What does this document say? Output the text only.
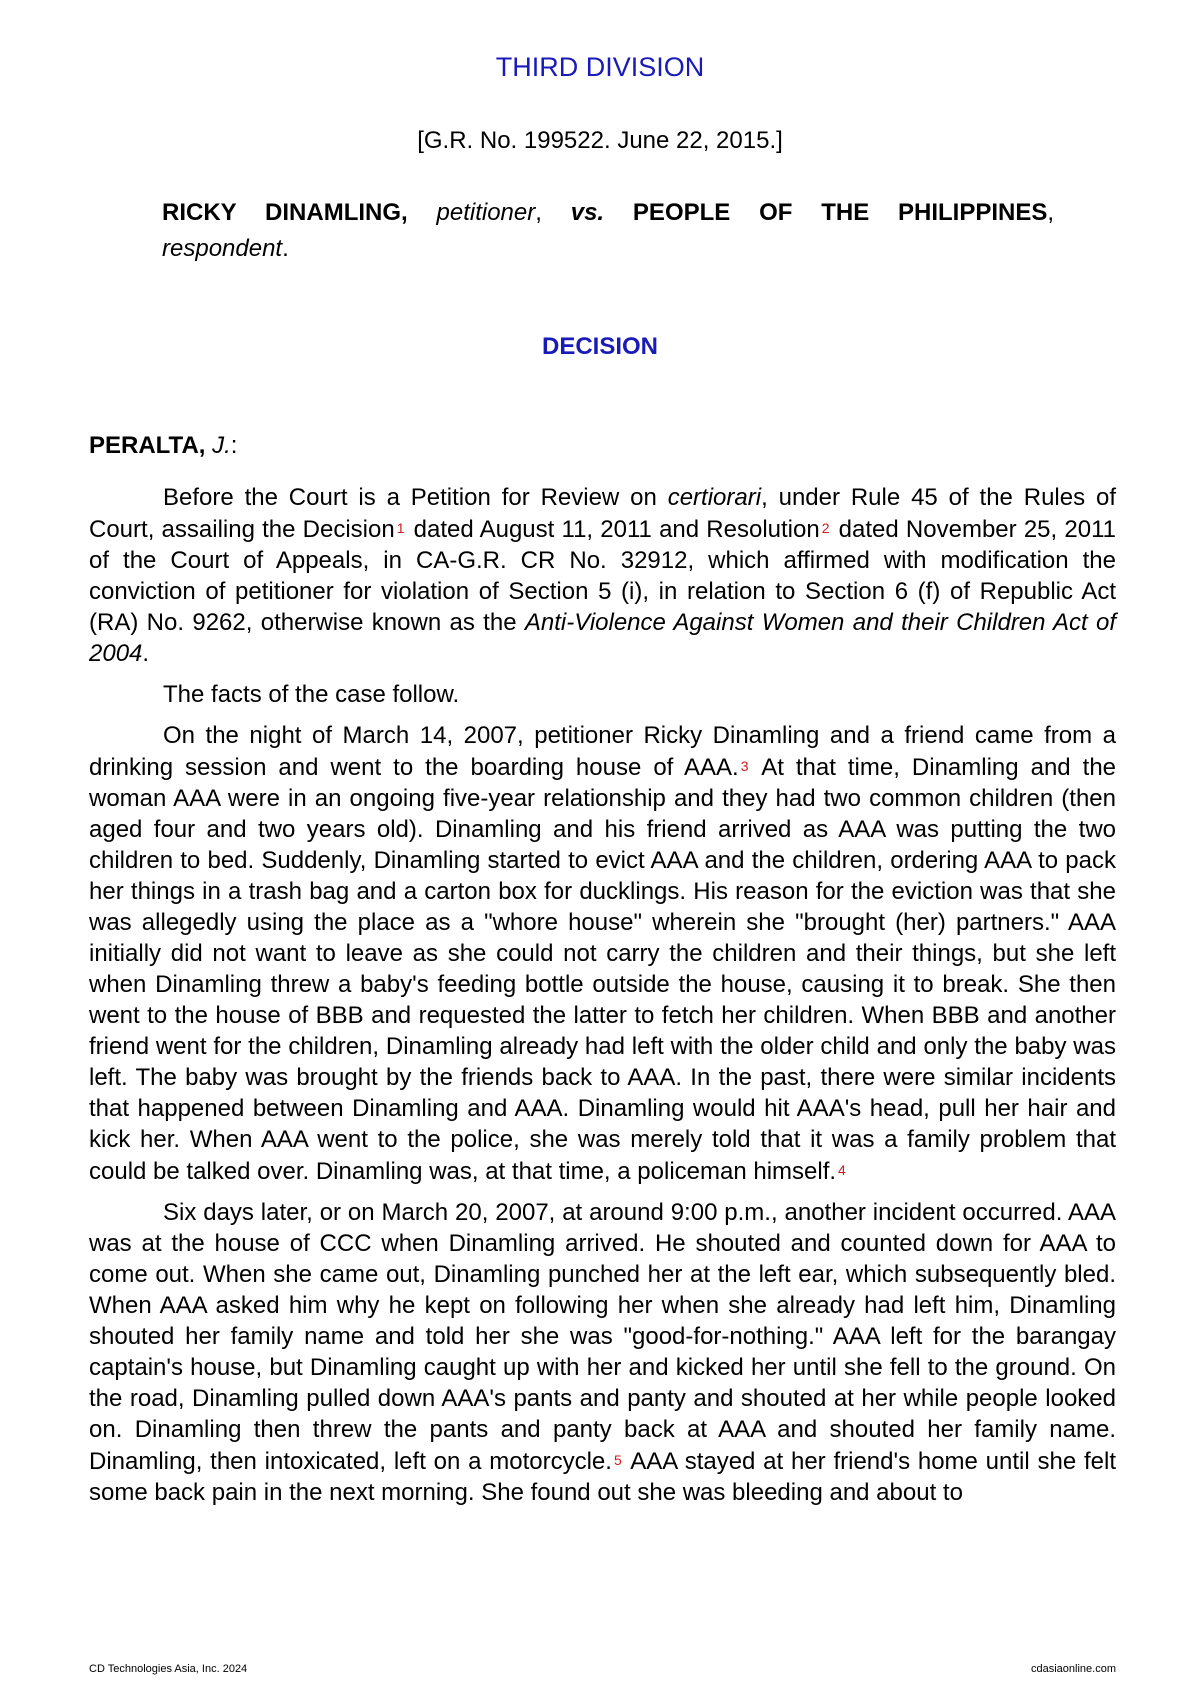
THIRD DIVISION
[G.R. No. 199522. June 22, 2015.]
RICKY DINAMLING, petitioner, vs. PEOPLE OF THE PHILIPPINES,
respondent.
DECISION
PERALTA, J.:

Before the Court is a Petition for Review on certiorari, under Rule 45 of the Rules of Court, assailing the Decision $^1$ dated August 11, 2011 and Resolution $^2$ dated November 25, 2011 of the Court of Appeals, in CA-G.R. CR No. 32912, which affirmed with modification the conviction of petitioner for violation of Section 5 (i), in relation to Section 6 (f) of Republic Act (RA) No. 9262, otherwise known as the Anti-Violence Against Women and their Children Act of 2004.

The facts of the case follow.

On the night of March 14, 2007, petitioner Ricky Dinamling and a friend came from a drinking session and went to the boarding house of AAA. $^3$ At that time, Dinamling and the woman AAA were in an ongoing five-year relationship and they had two common children (then aged four and two years old). Dinamling and his friend arrived as AAA was putting the two children to bed. Suddenly, Dinamling started to evict AAA and the children, ordering AAA to pack her things in a trash bag and a carton box for ducklings. His reason for the eviction was that she was allegedly using the place as a "whore house" wherein she "brought (her) partners." AAA initially did not want to leave as she could not carry the children and their things, but she left when Dinamling threw a baby's feeding bottle outside the house, causing it to break. She then went to the house of BBB and requested the latter to fetch her children. When BBB and another friend went for the children, Dinamling already had left with the older child and only the baby was left. The baby was brought by the friends back to AAA. In the past, there were similar incidents that happened between Dinamling and AAA. Dinamling would hit AAA's head, pull her hair and kick her. When AAA went to the police, she was merely told that it was a family problem that could be talked over. Dinamling was, at that time, a policeman himself. $^4$

Six days later, or on March 20, 2007, at around 9:00 p.m., another incident occurred. AAA was at the house of CCC when Dinamling arrived. He shouted and counted down for AAA to come out. When she came out, Dinamling punched her at the left ear, which subsequently bled. When AAA asked him why he kept on following her when she already had left him, Dinamling shouted her family name and told her she was "good-for-nothing." AAA left for the barangay captain's house, but Dinamling caught up with her and kicked her until she fell to the ground. On the road, Dinamling pulled down AAA's pants and panty and shouted at her while people looked on. Dinamling then threw the pants and panty back at AAA and shouted her family name. Dinamling, then intoxicated, left on a motorcycle. $^5$ AAA stayed at her friend's home until she felt some back pain in the next morning. She found out she was bleeding and about to

CD Technologies Asia, Inc. 2024	cdasiaonline.com
